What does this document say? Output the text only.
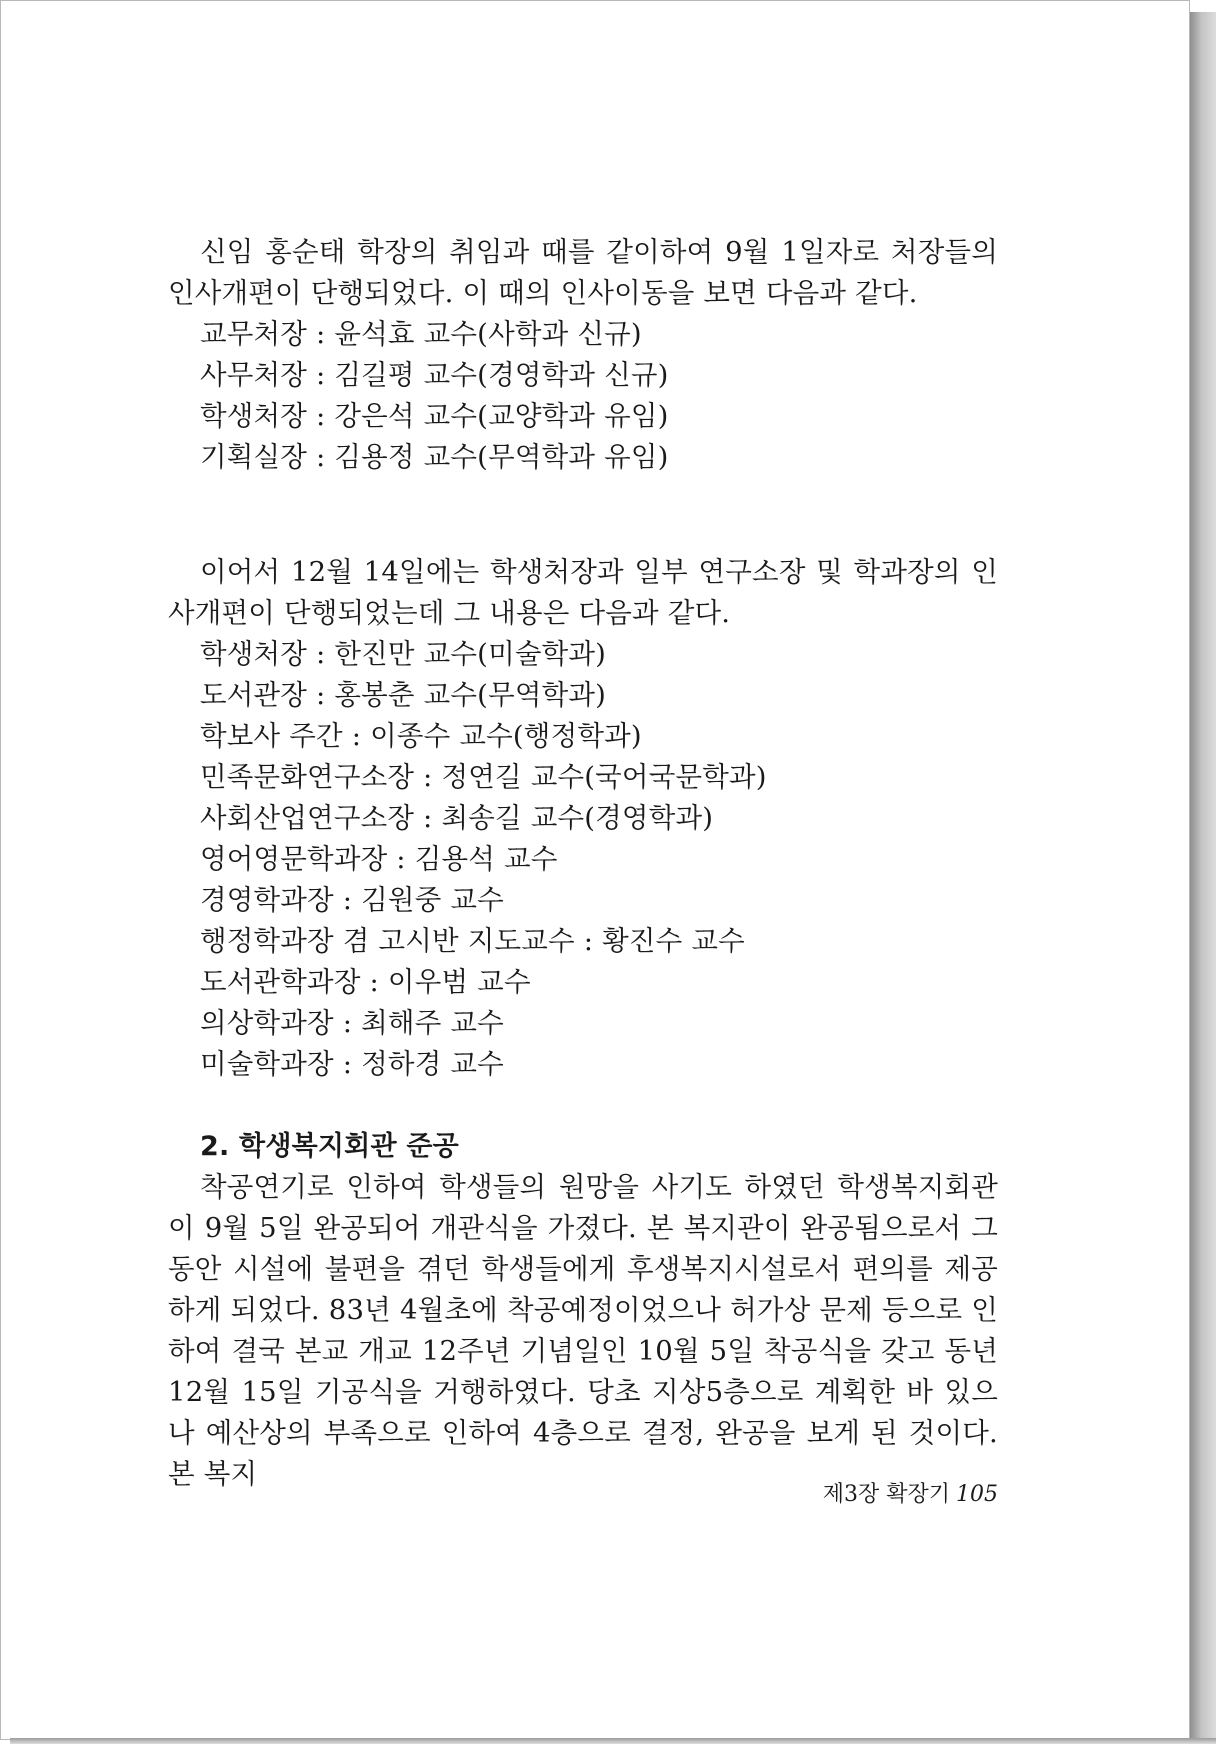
신임 홍순태 학장의 취임과 때를 같이하여 9월 1일자로 처장들의 인사개편이 단행되었다. 이 때의 인사이동을 보면 다음과 같다.

교무처장 : 윤석효 교수(사학과 신규)

사무처장 : 김길평 교수(경영학과 신규)

학생처장 : 강은석 교수(교양학과 유임)

기획실장 : 김용정 교수(무역학과 유임)

이어서 12월 14일에는 학생처장과 일부 연구소장 및 학과장의 인사개편이 단행되었는데 그 내용은 다음과 같다.

학생처장 : 한진만 교수(미술학과)

도서관장 : 홍봉춘 교수(무역학과)

학보사 주간 : 이종수 교수(행정학과)

민족문화연구소장 : 정연길 교수(국어국문학과)

사회산업연구소장 : 최송길 교수(경영학과)

영어영문학과장 : 김용석 교수

경영학과장 : 김원중 교수

행정학과장 겸 고시반 지도교수 : 황진수 교수

도서관학과장 : 이우범 교수

의상학과장 : 최해주 교수

미술학과장 : 정하경 교수

2. 학생복지회관 준공

착공연기로 인하여 학생들의 원망을 사기도 하였던 학생복지회관이 9월 5일 완공되어 개관식을 가졌다. 본 복지관이 완공됨으로서 그동안 시설에 불편을 겪던 학생들에게 후생복지시설로서 편의를 제공하게 되었다. 83년 4월초에 착공예정이었으나 허가상 문제 등으로 인하여 결국 본교 개교 12주년 기념일인 10월 5일 착공식을 갖고 동년 12월 15일 기공식을 거행하였다. 당초 지상5층으로 계획한 바 있으나 예산상의 부족으로 인하여 4층으로 결정, 완공을 보게 된 것이다. 본 복지

제3장 확장기 105
